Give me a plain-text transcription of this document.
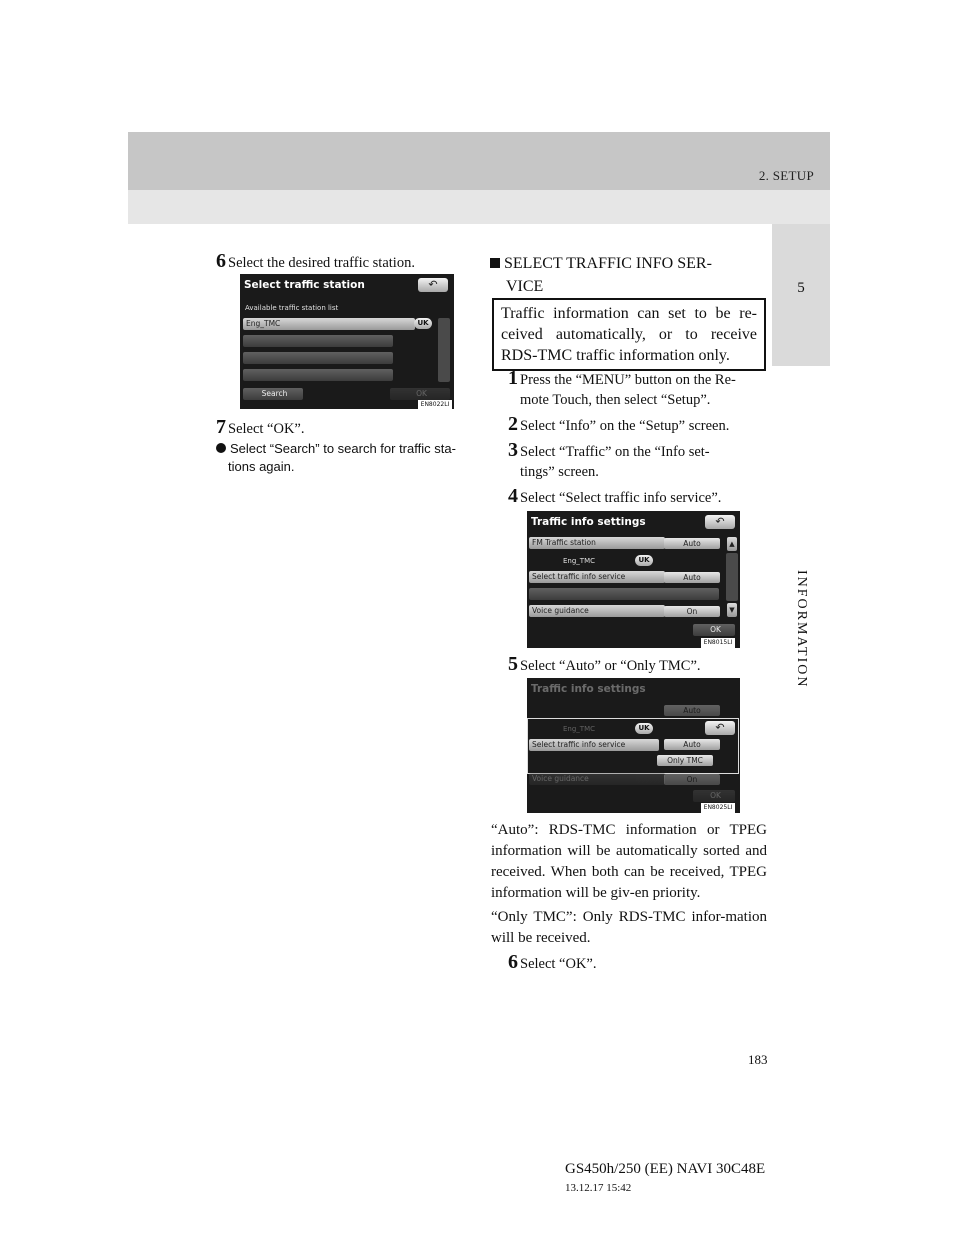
2. SETUP
5
INFORMATION
6 Select the desired traffic station.
Select traffic station	↶
Available traffic station list
Eng_TMC	UK
Search	OK
EN8022LI
7 Select “OK”.
Select “Search” to search for traffic sta-
tions again.
SELECT TRAFFIC INFO SER-
VICE
Traffic information can set to be re-ceived automatically, or to receive RDS-TMC traffic information only.
1 Press the “MENU” button on the Re-
mote Touch, then select “Setup”.
2 Select “Info” on the “Setup” screen.
3 Select “Traffic” on the “Info set-
tings” screen.
4 Select “Select traffic info service”.
Traffic info settings	↶
FM Traffic station	Auto
Eng_TMC	UK
Select traffic info service	Auto
Voice guidance	On
▲
▼
OK
EN8015LI
5 Select “Auto” or “Only TMC”.
Traffic info settings
Auto
Eng_TMC	UK	↶
Select traffic info service	Auto
Only TMC
Voice guidance	On
OK
EN8025LI
“Auto”: RDS-TMC information or TPEG information will be automatically sorted and received. When both can be received, TPEG information will be giv-en priority.
“Only TMC”: Only RDS-TMC infor-mation will be received.
6 Select “OK”.
183
GS450h/250 (EE) NAVI 30C48E
13.12.17 15:42
